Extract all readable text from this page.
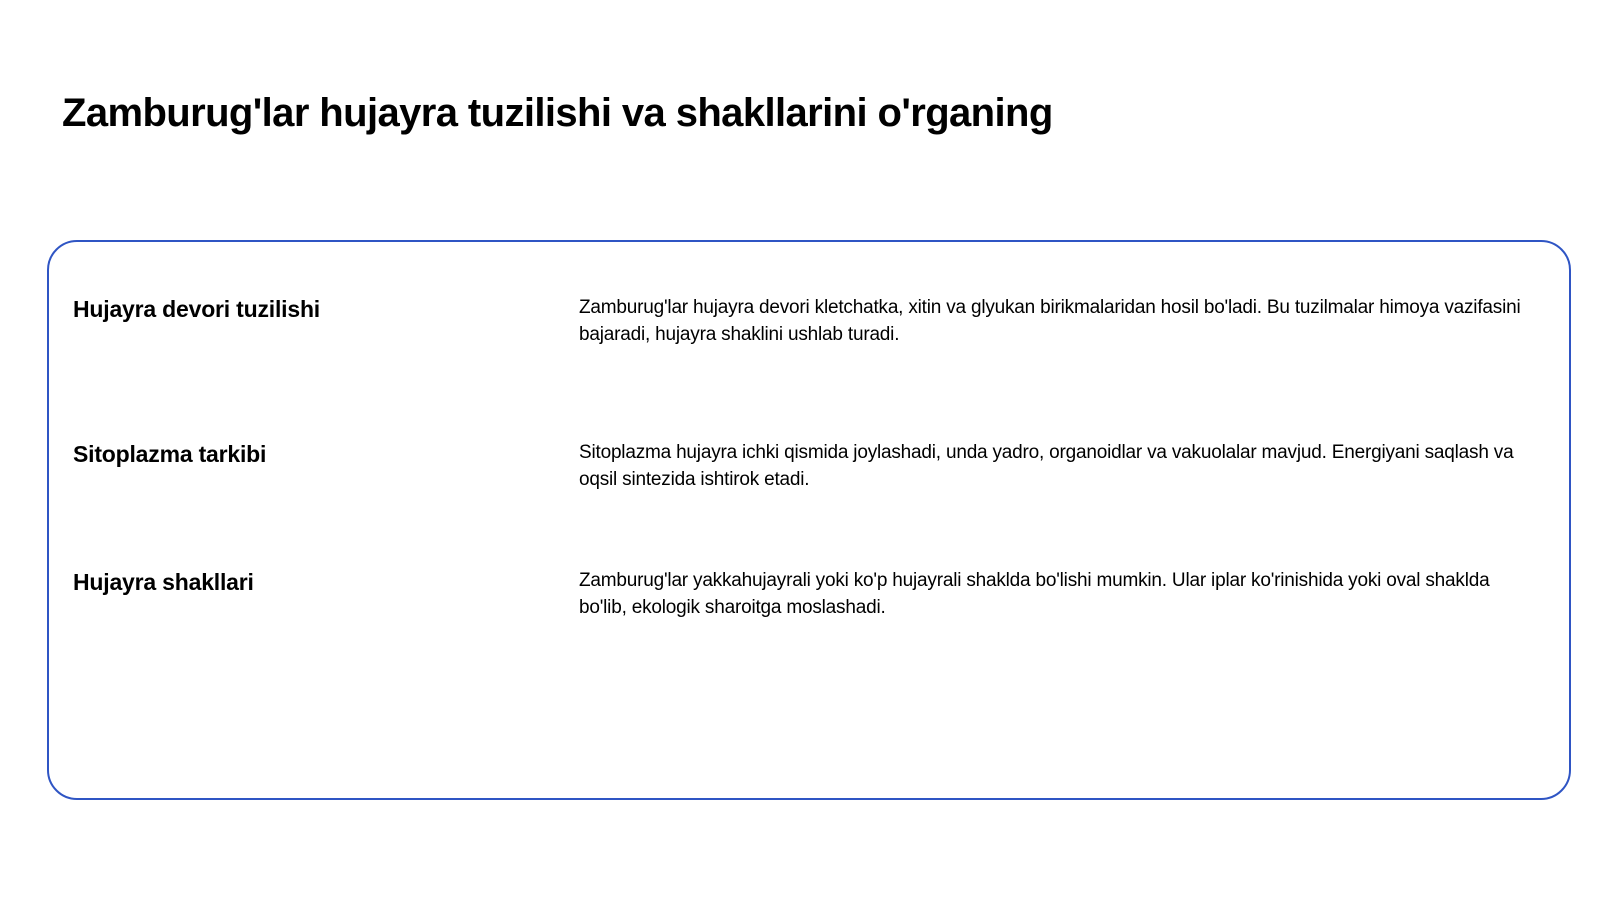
Zamburug'lar hujayra tuzilishi va shakllarini o'rganing
Hujayra devori tuzilishi	Zamburug'lar hujayra devori kletchatka, xitin va glyukan birikmalaridan hosil bo'ladi. Bu tuzilmalar himoya vazifasini bajaradi, hujayra shaklini ushlab turadi.

Sitoplazma tarkibi	Sitoplazma hujayra ichki qismida joylashadi, unda yadro, organoidlar va vakuolalar mavjud. Energiyani saqlash va oqsil sintezida ishtirok etadi.

Hujayra shakllari	Zamburug'lar yakkahujayrali yoki ko'p hujayrali shaklda bo'lishi mumkin. Ular iplar ko'rinishida yoki oval shaklda bo'lib, ekologik sharoitga moslashadi.
